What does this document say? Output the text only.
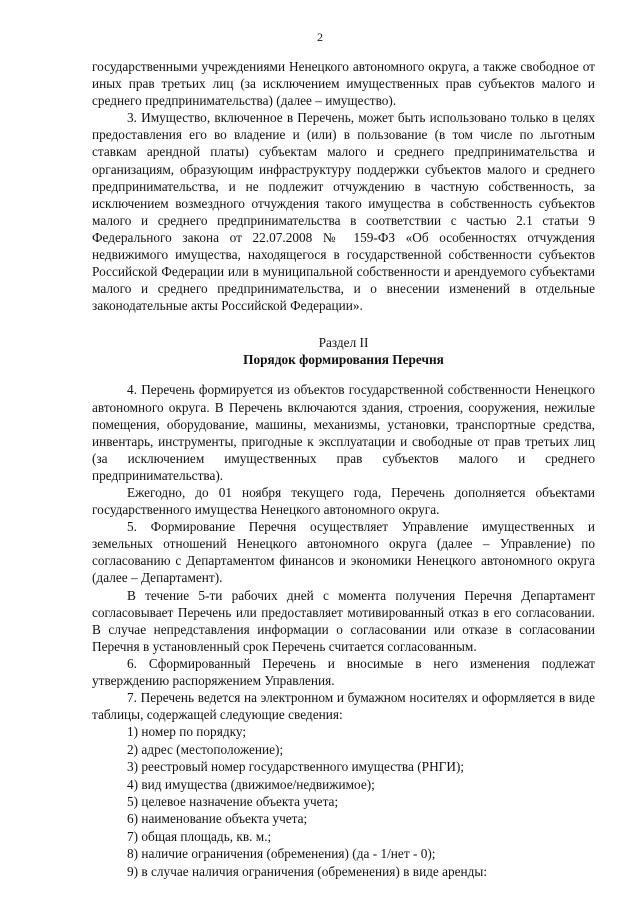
2

государственными учреждениями Ненецкого автономного округа, а также свободное от иных прав третьих лиц (за исключением имущественных прав субъектов малого и среднего предпринимательства) (далее – имущество).

3. Имущество, включенное в Перечень, может быть использовано только в целях предоставления его во владение и (или) в пользование (в том числе по льготным ставкам арендной платы) субъектам малого и среднего предпринимательства и организациям, образующим инфраструктуру поддержки субъектов малого и среднего предпринимательства, и не подлежит отчуждению в частную собственность, за исключением возмездного отчуждения такого имущества в собственность субъектов малого и среднего предпринимательства в соответствии с частью 2.1 статьи 9 Федерального закона от 22.07.2008 № 159-ФЗ «Об особенностях отчуждения недвижимого имущества, находящегося в государственной собственности субъектов Российской Федерации или в муниципальной собственности и арендуемого субъектами малого и среднего предпринимательства, и о внесении изменений в отдельные законодательные акты Российской Федерации».

Раздел II

Порядок формирования Перечня

4. Перечень формируется из объектов государственной собственности Ненецкого автономного округа. В Перечень включаются здания, строения, сооружения, нежилые помещения, оборудование, машины, механизмы, установки, транспортные средства, инвентарь, инструменты, пригодные к эксплуатации и свободные от прав третьих лиц (за исключением имущественных прав субъектов малого и среднего предпринимательства).

Ежегодно, до 01 ноября текущего года, Перечень дополняется объектами государственного имущества Ненецкого автономного округа.

5. Формирование Перечня осуществляет Управление имущественных и земельных отношений Ненецкого автономного округа (далее – Управление) по согласованию с Департаментом финансов и экономики Ненецкого автономного округа (далее – Департамент).

В течение 5-ти рабочих дней с момента получения Перечня Департамент согласовывает Перечень или предоставляет мотивированный отказ в его согласовании. В случае непредставления информации о согласовании или отказе в согласовании Перечня в установленный срок Перечень считается согласованным.

6. Сформированный Перечень и вносимые в него изменения подлежат утверждению распоряжением Управления.

7. Перечень ведется на электронном и бумажном носителях и оформляется в виде таблицы, содержащей следующие сведения:

1) номер по порядку;

2) адрес (местоположение);

3) реестровый номер государственного имущества (РНГИ);

4) вид имущества (движимое/недвижимое);

5) целевое назначение объекта учета;

6) наименование объекта учета;

7) общая площадь, кв. м.;

8) наличие ограничения (обременения) (да - 1/нет - 0);

9) в случае наличия ограничения (обременения) в виде аренды:
